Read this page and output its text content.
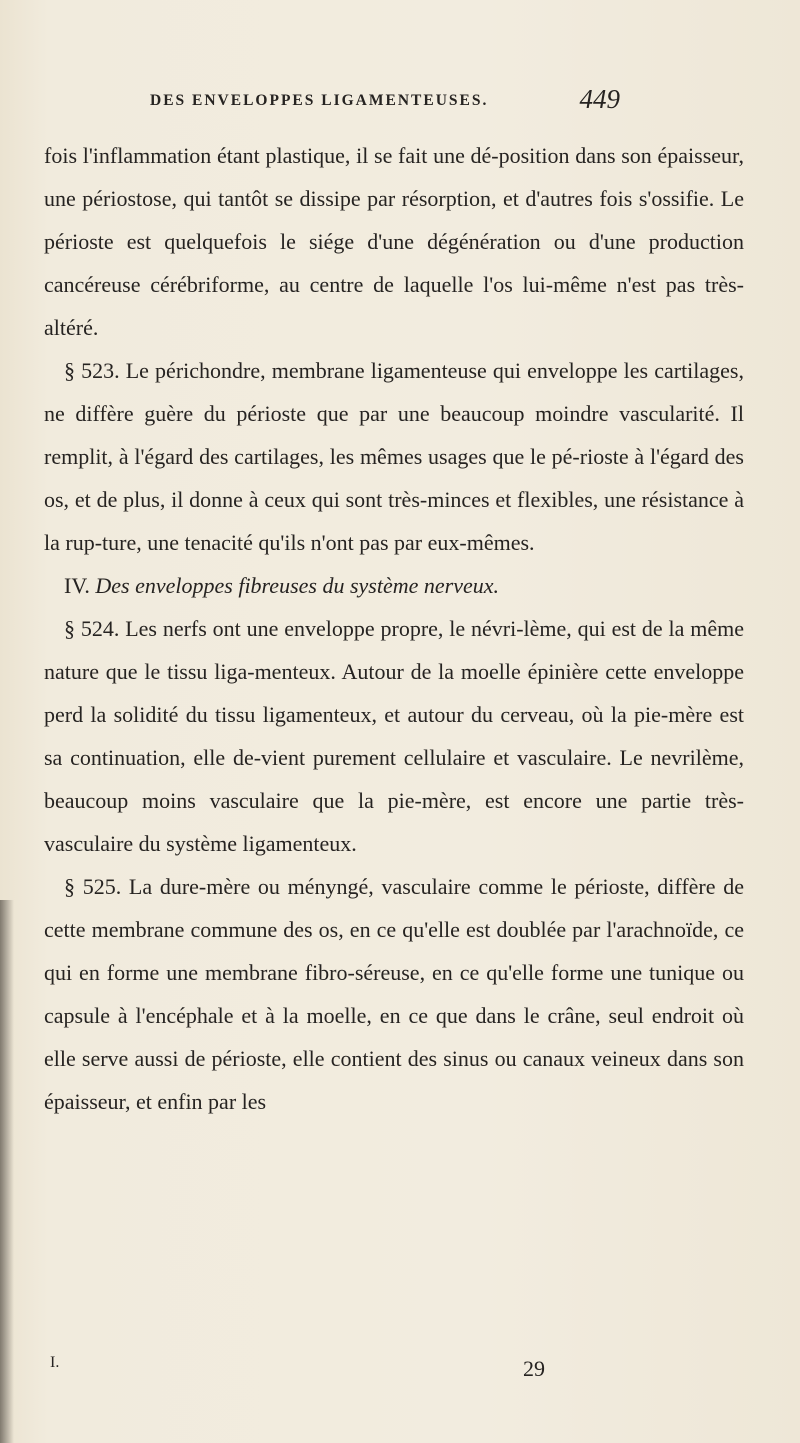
DES ENVELOPPES LIGAMENTEUSES.	449

fois l'inflammation étant plastique, il se fait une dé-position dans son épaisseur, une périostose, qui tantôt se dissipe par résorption, et d'autres fois s'ossifie. Le périoste est quelquefois le siége d'une dégénération ou d'une production cancéreuse cérébriforme, au centre de laquelle l'os lui-même n'est pas très-altéré.

§ 523. Le périchondre, membrane ligamenteuse qui enveloppe les cartilages, ne diffère guère du périoste que par une beaucoup moindre vascularité. Il remplit, à l'égard des cartilages, les mêmes usages que le pé-rioste à l'égard des os, et de plus, il donne à ceux qui sont très-minces et flexibles, une résistance à la rup-ture, une tenacité qu'ils n'ont pas par eux-mêmes.

IV. Des enveloppes fibreuses du système nerveux.

§ 524. Les nerfs ont une enveloppe propre, le névri-lème, qui est de la même nature que le tissu liga-menteux. Autour de la moelle épinière cette enveloppe perd la solidité du tissu ligamenteux, et autour du cerveau, où la pie-mère est sa continuation, elle de-vient purement cellulaire et vasculaire. Le nevrilème, beaucoup moins vasculaire que la pie-mère, est encore une partie très-vasculaire du système ligamenteux.

§ 525. La dure-mère ou ményngé, vasculaire comme le périoste, diffère de cette membrane commune des os, en ce qu'elle est doublée par l'arachnoïde, ce qui en forme une membrane fibro-séreuse, en ce qu'elle forme une tunique ou capsule à l'encéphale et à la moelle, en ce que dans le crâne, seul endroit où elle serve aussi de périoste, elle contient des sinus ou canaux veineux dans son épaisseur, et enfin par les

I.	29
